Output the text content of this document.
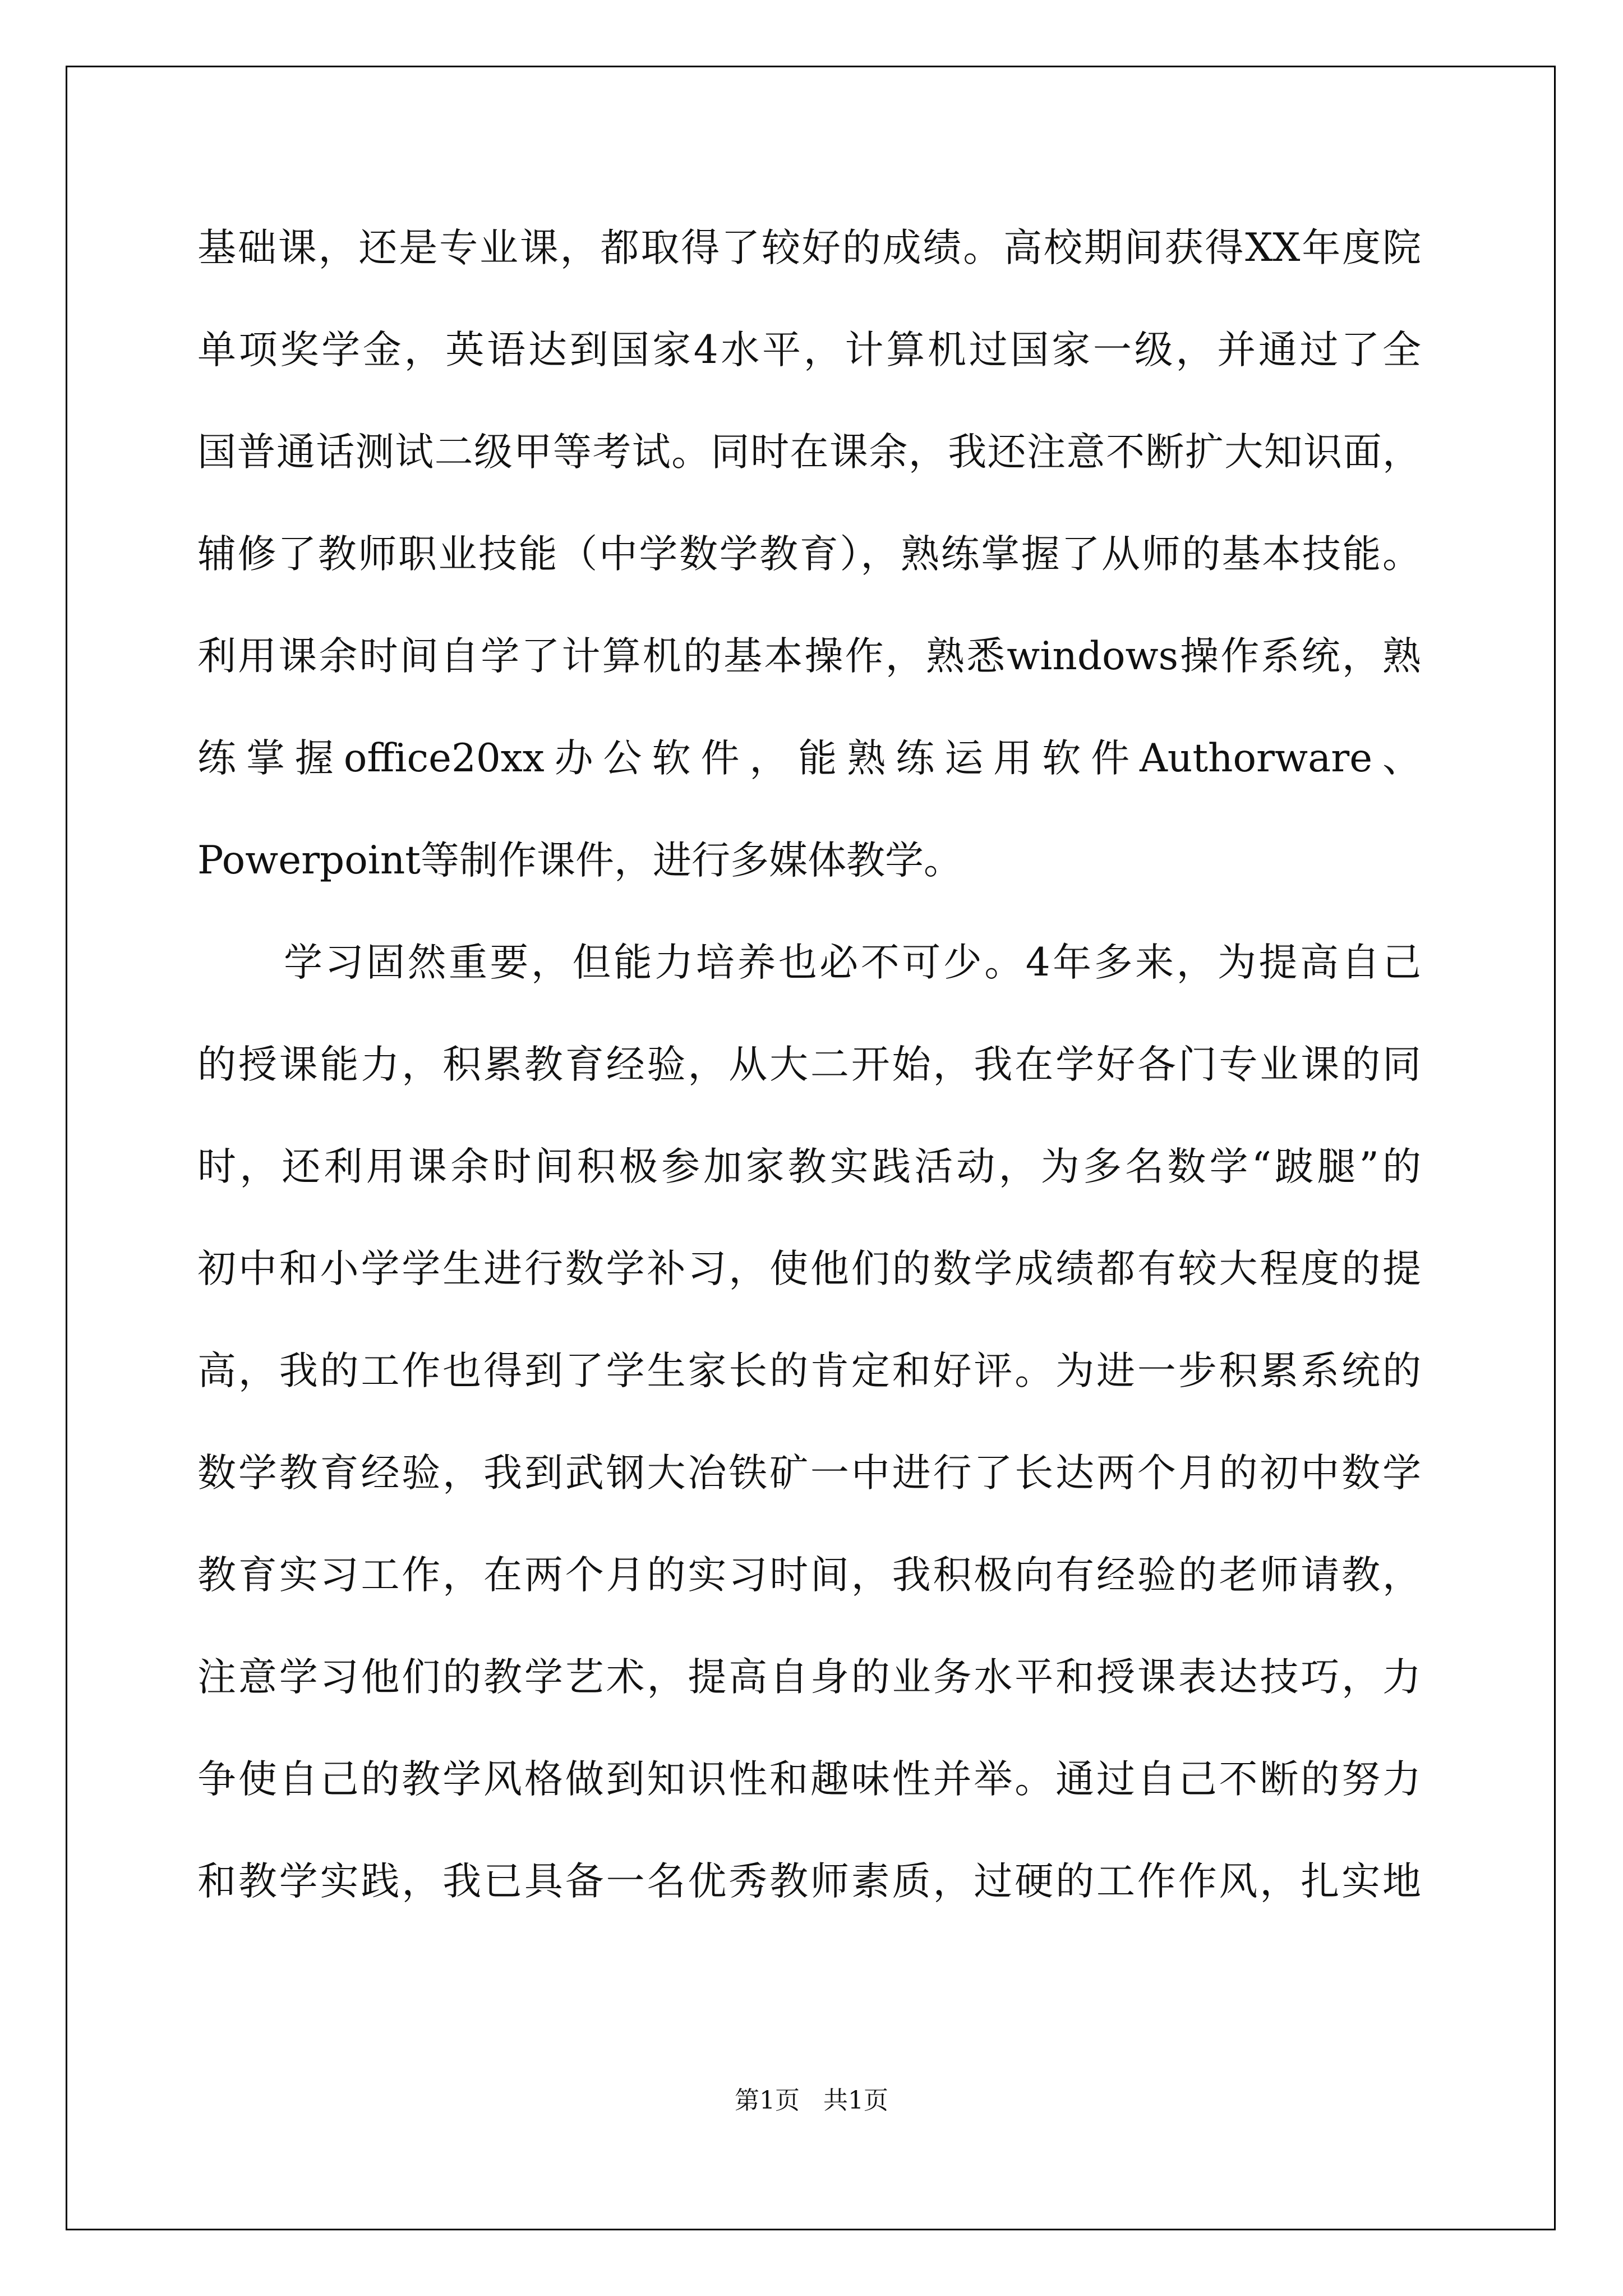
基础课，还是专业课，都取得了较好的成绩。高校期间获得XX年度院
单项奖学金，英语达到国家4水平，计算机过国家一级，并通过了全
国普通话测试二级甲等考试。同时在课余，我还注意不断扩大知识面，
辅修了教师职业技能（中学数学教育），熟练掌握了从师的基本技能。
利用课余时间自学了计算机的基本操作，熟悉windows操作系统，熟
练掌握office20xx办公软件，能熟练运用软件Authorware、
Powerpoint等制作课件，进行多媒体教学。
学习固然重要，但能力培养也必不可少。4年多来，为提高自己
的授课能力，积累教育经验，从大二开始，我在学好各门专业课的同
时，还利用课余时间积极参加家教实践活动，为多名数学“跛腿”的
初中和小学学生进行数学补习，使他们的数学成绩都有较大程度的提
高，我的工作也得到了学生家长的肯定和好评。为进一步积累系统的
数学教育经验，我到武钢大冶铁矿一中进行了长达两个月的初中数学
教育实习工作，在两个月的实习时间，我积极向有经验的老师请教，
注意学习他们的教学艺术，提高自身的业务水平和授课表达技巧，力
争使自己的教学风格做到知识性和趣味性并举。通过自己不断的努力
和教学实践，我已具备一名优秀教师素质，过硬的工作作风，扎实地
第1页   共1页
